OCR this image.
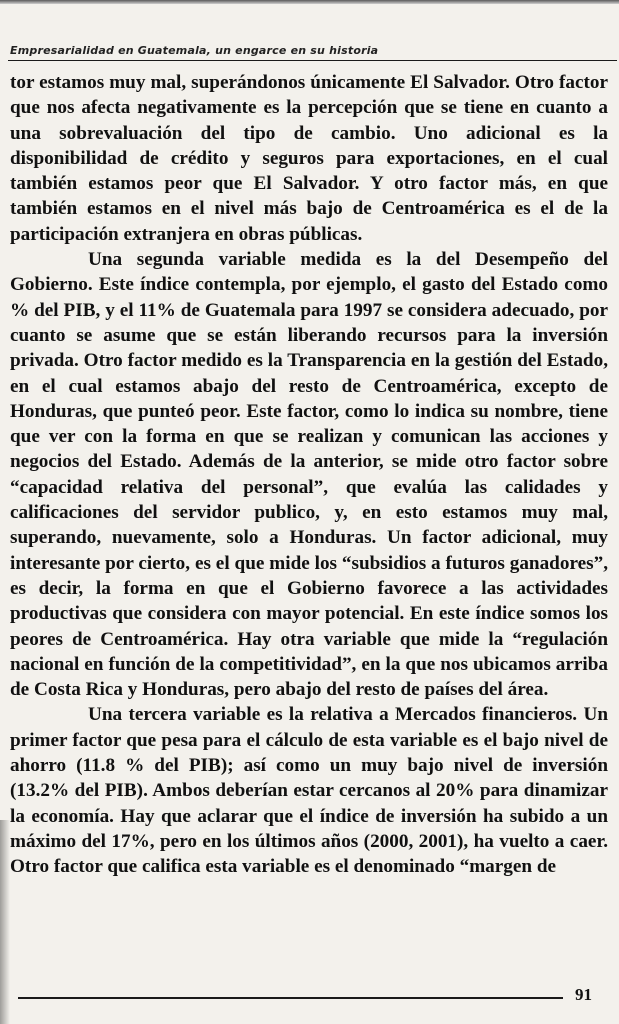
Empresarialidad en Guatemala, un engarce en su historia

tor estamos muy mal, superándonos únicamente El Salvador. Otro factor que nos afecta negativamente es la percepción que se tiene en cuanto a una sobrevaluación del tipo de cambio. Uno adicional es la disponibilidad de crédito y seguros para exportaciones, en el cual también estamos peor que El Salvador. Y otro factor más, en que también estamos en el nivel más bajo de Centroamérica es el de la participación extranjera en obras públicas.

Una segunda variable medida es la del Desempeño del Gobierno. Este índice contempla, por ejemplo, el gasto del Estado como % del PIB, y el 11% de Guatemala para 1997 se considera adecuado, por cuanto se asume que se están liberando recursos para la inversión privada. Otro factor medido es la Transparencia en la gestión del Estado, en el cual estamos abajo del resto de Centroamérica, excepto de Honduras, que punteó peor. Este factor, como lo indica su nombre, tiene que ver con la forma en que se realizan y comunican las acciones y negocios del Estado. Además de la anterior, se mide otro factor sobre “capacidad relativa del personal”, que evalúa las calidades y calificaciones del servidor publico, y, en esto estamos muy mal, superando, nuevamente, solo a Honduras. Un factor adicional, muy interesante por cierto, es el que mide los “subsidios a futuros ganadores”, es decir, la forma en que el Gobierno favorece a las actividades productivas que considera con mayor potencial. En este índice somos los peores de Centroamérica. Hay otra variable que mide la “regulación nacional en función de la competitividad”, en la que nos ubicamos arriba de Costa Rica y Honduras, pero abajo del resto de países del área.

Una tercera variable es la relativa a Mercados financieros. Un primer factor que pesa para el cálculo de esta variable es el bajo nivel de ahorro (11.8 % del PIB); así como un muy bajo nivel de inversión (13.2% del PIB). Ambos deberían estar cercanos al 20% para dinamizar la economía. Hay que aclarar que el índice de inversión ha subido a un máximo del 17%, pero en los últimos años (2000, 2001), ha vuelto a caer. Otro factor que califica esta variable es el denominado “margen de

91
